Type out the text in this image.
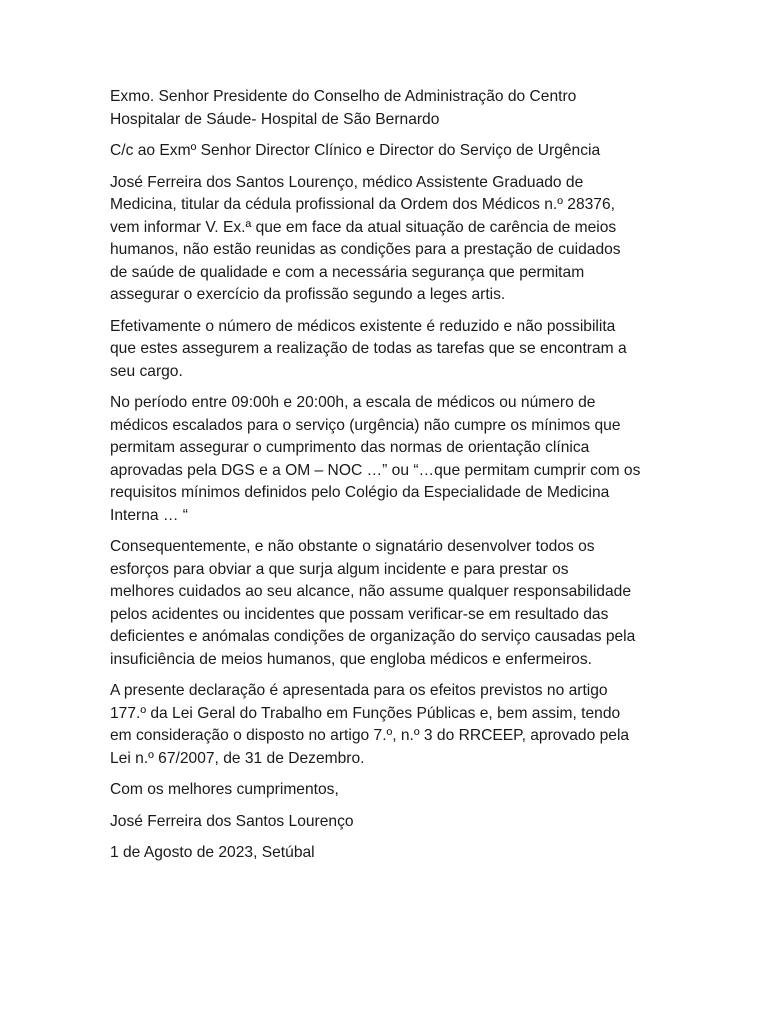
Exmo. Senhor Presidente do Conselho de Administração do Centro
Hospitalar de Sáude- Hospital de São Bernardo

C/c ao Exmº Senhor Director Clínico e Director do Serviço de Urgência

José Ferreira dos Santos Lourenço, médico Assistente Graduado de
Medicina, titular da cédula profissional da Ordem dos Médicos n.º 28376,
vem informar V. Ex.ª que em face da atual situação de carência de meios
humanos, não estão reunidas as condições para a prestação de cuidados
de saúde de qualidade e com a necessária segurança que permitam
assegurar o exercício da profissão segundo a leges artis.

Efetivamente o número de médicos existente é reduzido e não possibilita
que estes assegurem a realização de todas as tarefas que se encontram a
seu cargo.

No período entre 09:00h e 20:00h, a escala de médicos ou número de
médicos escalados para o serviço (urgência) não cumpre os mínimos que
permitam assegurar o cumprimento das normas de orientação clínica
aprovadas pela DGS e a OM – NOC …” ou “…que permitam cumprir com os
requisitos mínimos definidos pelo Colégio da Especialidade de Medicina
Interna … “

Consequentemente, e não obstante o signatário desenvolver todos os
esforços para obviar a que surja algum incidente e para prestar os
melhores cuidados ao seu alcance, não assume qualquer responsabilidade
pelos acidentes ou incidentes que possam verificar-se em resultado das
deficientes e anómalas condições de organização do serviço causadas pela
insuficiência de meios humanos, que engloba médicos e enfermeiros.

A presente declaração é apresentada para os efeitos previstos no artigo
177.º da Lei Geral do Trabalho em Funções Públicas e, bem assim, tendo
em consideração o disposto no artigo 7.º, n.º 3 do RRCEEP, aprovado pela
Lei n.º 67/2007, de 31 de Dezembro.

Com os melhores cumprimentos,

José Ferreira dos Santos Lourenço

1 de Agosto de 2023, Setúbal
